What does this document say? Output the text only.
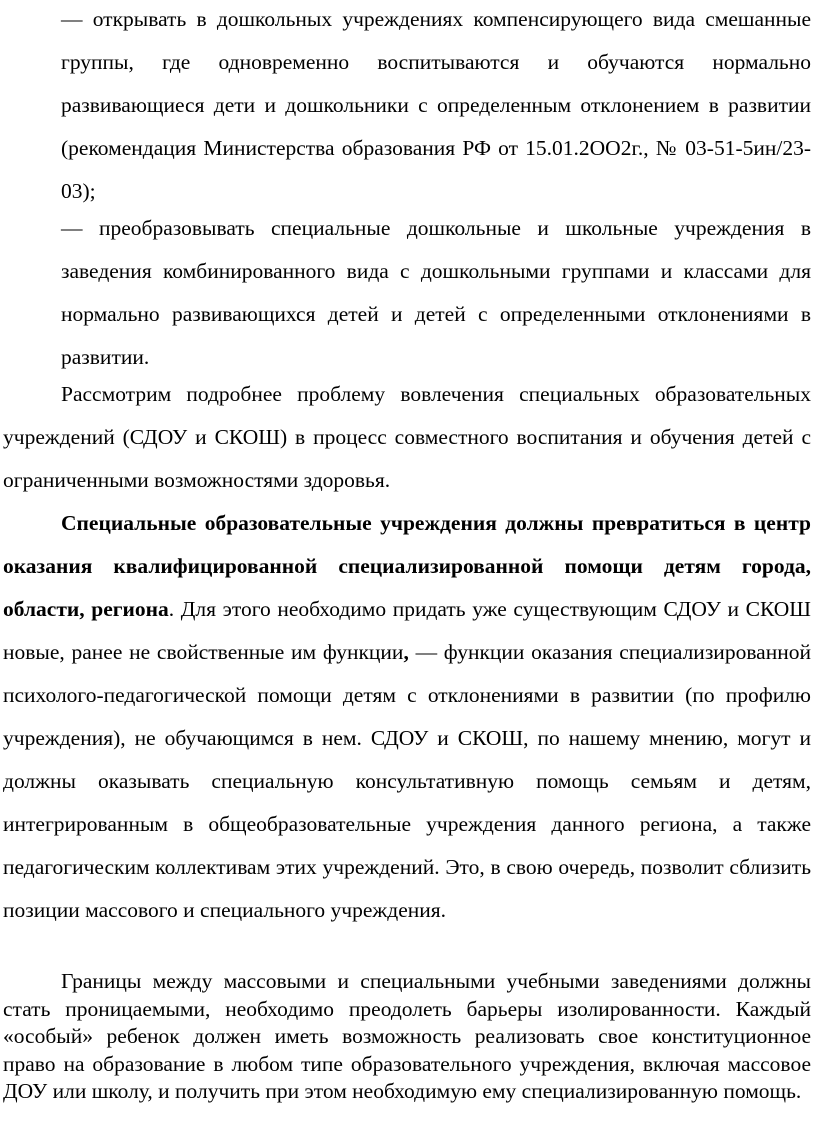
— открывать в дошкольных учреждениях компенсирующего вида смешанные группы, где одновременно воспитываются и обучаются нормально развивающиеся дети и дошкольники с определенным отклонением в развитии (рекомендация Министерства образования РФ от 15.01.2ОО2г., № 03-51-5ин/23-03);

— преобразовывать специальные дошкольные и школьные учреждения в заведения комбинированного вида с дошкольными группами и классами для нормально развивающихся детей и детей с определенными отклонениями в развитии.

Рассмотрим подробнее проблему вовлечения специальных образовательных учреждений (СДОУ и СКОШ) в процесс совместного воспитания и обучения детей с ограниченными возможностями здоровья.

Специальные образовательные учреждения должны превратиться в центр оказания квалифицированной специализированной помощи детям города, области, региона. Для этого необходимо придать уже существующим СДОУ и СКОШ новые, ранее не свойственные им функции, — функции оказания специализированной психолого-педагогической помощи детям с отклонениями в развитии (по профилю учреждения), не обучающимся в нем. СДОУ и СКОШ, по нашему мнению, могут и должны оказывать специальную консультативную помощь семьям и детям, интегрированным в общеобразовательные учреждения данного региона, а также педагогическим коллективам этих учреждений. Это, в свою очередь, позволит сблизить позиции массового и специального учреждения.

Границы между массовыми и специальными учебными заведениями должны стать проницаемыми, необходимо преодолеть барьеры изолированности. Каждый «особый» ребенок должен иметь возможность реализовать свое конституционное право на образование в любом типе образовательного учреждения, включая массовое ДОУ или школу, и получить при этом необходимую ему специализированную помощь.
